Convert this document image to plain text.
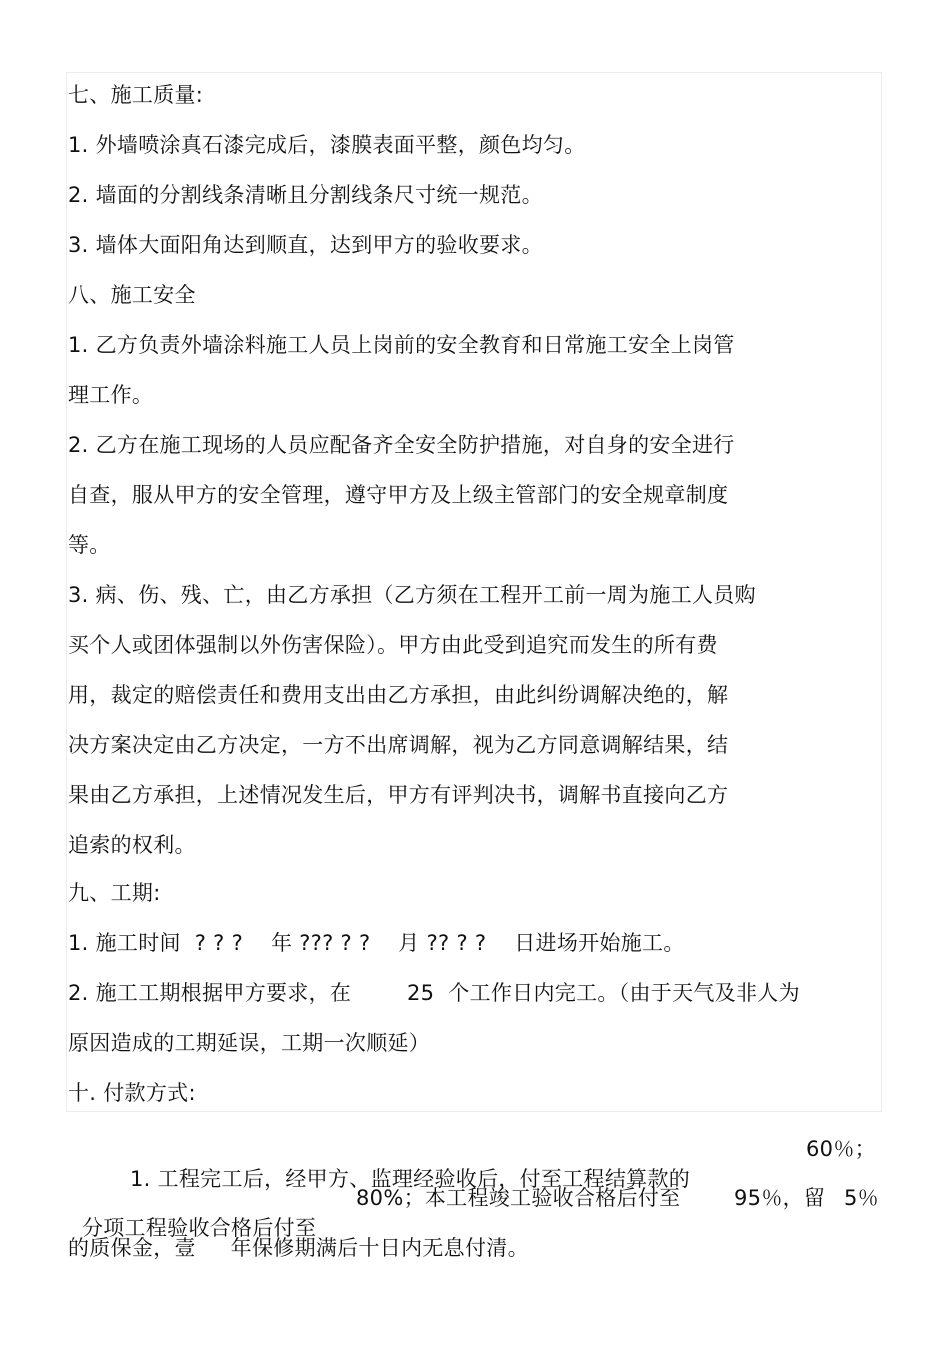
七、施工质量:
1. 外墙喷涂真石漆完成后，漆膜表面平整，颜色均匀。
2. 墙面的分割线条清晰且分割线条尺寸统一规范。
3. 墙体大面阳角达到顺直，达到甲方的验收要求。
八、施工安全
1. 乙方负责外墙涂料施工人员上岗前的安全教育和日常施工安全上岗管
理工作。
2. 乙方在施工现场的人员应配备齐全安全防护措施，对自身的安全进行
自查，服从甲方的安全管理，遵守甲方及上级主管部门的安全规章制度
等。
3. 病、伤、残、亡，由乙方承担（乙方须在工程开工前一周为施工人员购
买个人或团体强制以外伤害保险）。甲方由此受到追究而发生的所有费
用，裁定的赔偿责任和费用支出由乙方承担，由此纠纷调解决绝的，解
决方案决定由乙方决定，一方不出席调解，视为乙方同意调解结果，结
果由乙方承担，上述情况发生后，甲方有评判决书，调解书直接向乙方
追索的权利。
九、工期:
1. 施工时间  ? ? ?    年 ??? ? ?    月 ?? ? ?    日进场开始施工。
2. 施工工期根据甲方要求，在        25  个工作日内完工。（由于天气及非人为
原因造成的工期延误，工期一次顺延）
十. 付款方式:

1. 工程完工后，经甲方、监理经验收后，付至工程结算款的

60％；

分项工程验收合格后付至

80%；本工程竣工验收合格后付至

	95％，留

5％

的质保金，壹     年保修期满后十日内无息付清。
